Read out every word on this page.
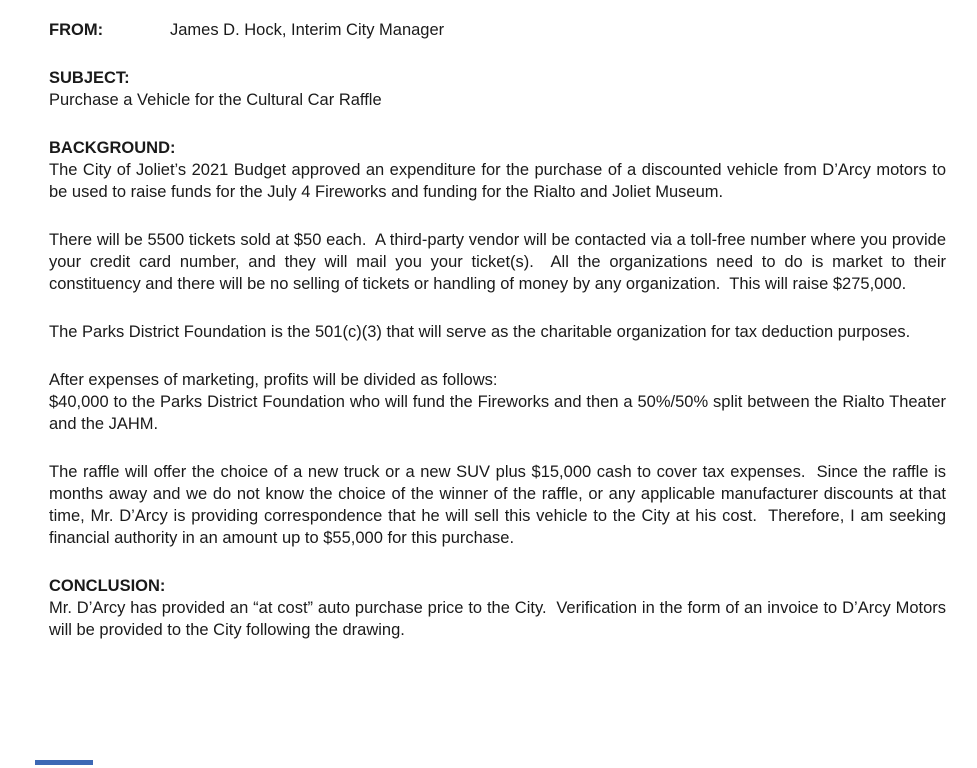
FROM:	James D. Hock, Interim City Manager
SUBJECT:
Purchase a Vehicle for the Cultural Car Raffle
BACKGROUND:

The City of Joliet’s 2021 Budget approved an expenditure for the purchase of a discounted vehicle from D’Arcy motors to be used to raise funds for the July 4 Fireworks and funding for the Rialto and Joliet Museum.

There will be 5500 tickets sold at $50 each.  A third-party vendor will be contacted via a toll-free number where you provide your credit card number, and they will mail you your ticket(s).  All the organizations need to do is market to their constituency and there will be no selling of tickets or handling of money by any organization.  This will raise $275,000.

The Parks District Foundation is the 501(c)(3) that will serve as the charitable organization for tax deduction purposes.

After expenses of marketing, profits will be divided as follows:

$40,000 to the Parks District Foundation who will fund the Fireworks and then a 50%/50% split between the Rialto Theater and the JAHM.

The raffle will offer the choice of a new truck or a new SUV plus $15,000 cash to cover tax expenses.  Since the raffle is months away and we do not know the choice of the winner of the raffle, or any applicable manufacturer discounts at that time, Mr. D’Arcy is providing correspondence that he will sell this vehicle to the City at his cost.  Therefore, I am seeking financial authority in an amount up to $55,000 for this purchase.

CONCLUSION:

Mr. D’Arcy has provided an “at cost” auto purchase price to the City.  Verification in the form of an invoice to D’Arcy Motors will be provided to the City following the drawing.
